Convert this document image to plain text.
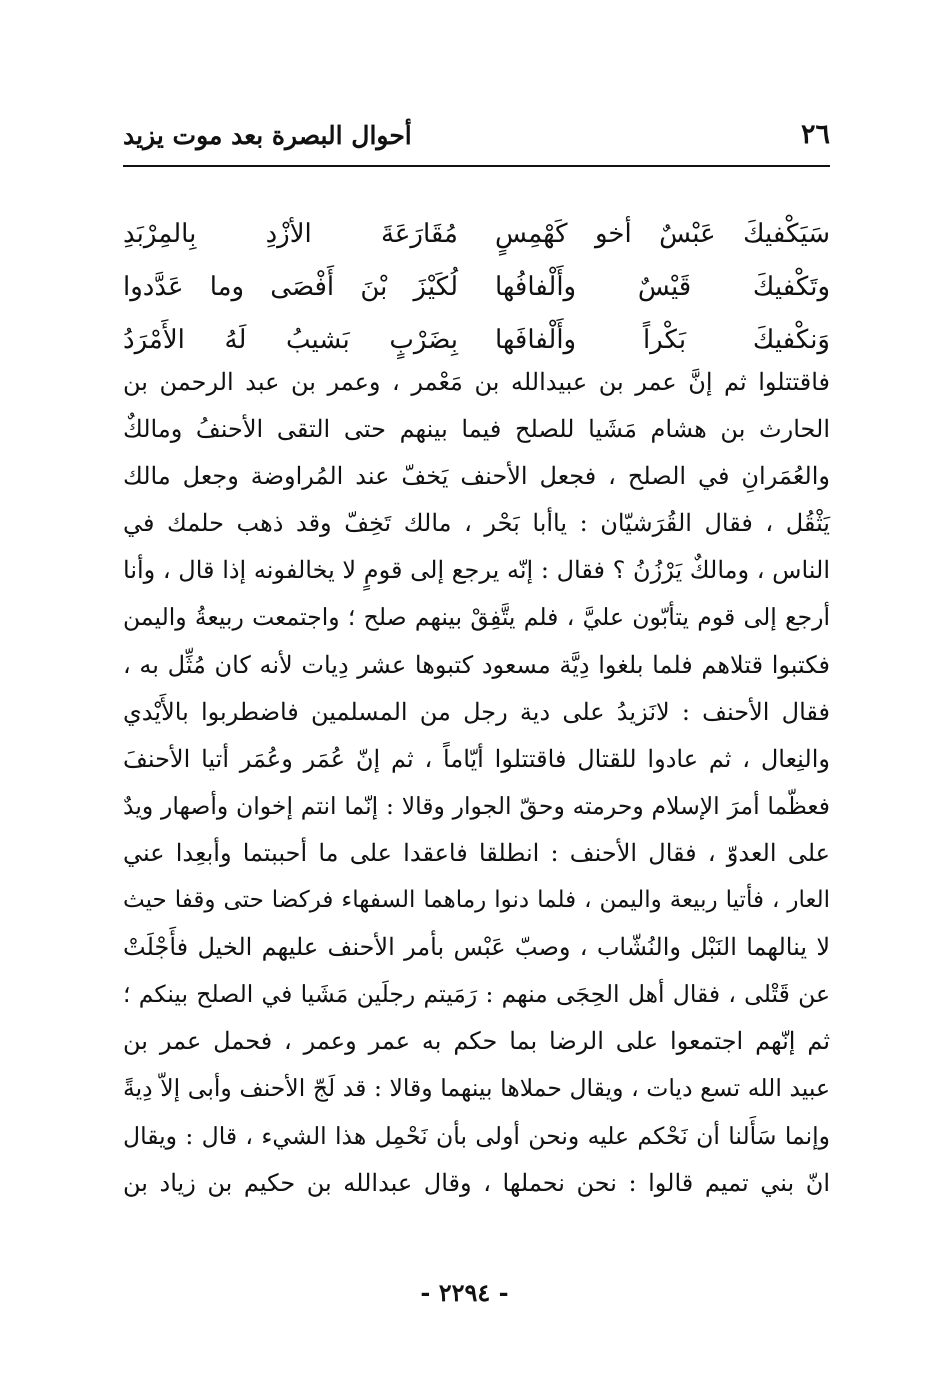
٢٦
أحوال البصرة بعد موت يزيد
سَيَكْفيكَ عَبْسٌ أخو كَهْمِسٍ
مُقَارَعَةَ الأزْدِ بِالمِرْبَدِ
وتَكْفيكَ قَيْسٌ وأَلْفافُها
لُكَيْزَ بْنَ أَفْصَى وما عَدَّدوا
وَنكْفيكَ بَكْراً وأَلْفافَها
بِضَرْبٍ بَشيبُ لَهُ الأَمْرَدُ
فاقتتلوا ثم إنَّ عمر بن عبيدالله بن مَعْمر ، وعمر بن عبد الرحمن بن
الحارث بن هشام مَشَيا للصلح فيما بينهم حتى التقى الأحنفُ ومالكٌ
والعُمَرانِ في الصلح ، فجعل الأحنف يَخفّ عند المُراوضة وجعل مالك
يَثْقُل ، فقال القُرَشيّان : ياأبا بَحْر ، مالك تَخِفّ وقد ذهب حلمك في
الناس ، ومالكٌ يَرْزُنُ ؟ فقال : إنّه يرجع إلى قومٍ لا يخالفونه إذا قال ، وأنا
أرجع إلى قوم يتأبّون عليَّ ، فلم يتَّفِقْ بينهم صلح ؛ واجتمعت ربيعةُ واليمن
فكتبوا قتلاهم فلما بلغوا دِيَّة مسعود كتبوها عشر دِيات لأنه كان مُثِّل به ،
فقال الأحنف : لانَزيدُ على دية رجل من المسلمين فاضطربوا بالأَيْدي
والنِعال ، ثم عادوا للقتال فاقتتلوا أيّاماً ، ثم إنّ عُمَر وعُمَر أتيا الأحنفَ
فعظّما أمرَ الإسلام وحرمته وحقّ الجوار وقالا : إنّما انتم إخوان وأصهار ويدٌ
على العدوّ ، فقال الأحنف : انطلقا فاعقدا على ما أحببتما وأبعِدا عني
العار ، فأتيا ربيعة واليمن ، فلما دنوا رماهما السفهاء فركضا حتى وقفا حيث
لا ينالهما النَبْل والنُشّاب ، وصبّ عَبْس بأمر الأحنف عليهم الخيل فأَجْلَتْ
عن قَتْلى ، فقال أهل الحِجَى منهم : رَمَيتم رجلَين مَشَيا في الصلح بينكم ؛
ثم إنّهم اجتمعوا على الرضا بما حكم به عمر وعمر ، فحمل عمر بن
عبيد الله تسع ديات ، ويقال حملاها بينهما وقالا : قد لَجّ الأحنف وأبى إلاّ دِيةً
وإنما سَأَلنا أن نَحْكم عليه ونحن أولى بأن نَحْمِل هذا الشيء ، قال : ويقال
انّ بني تميم قالوا : نحن نحملها ، وقال عبدالله بن حكيم بن زياد بن
- ٢٢٩٤ -
